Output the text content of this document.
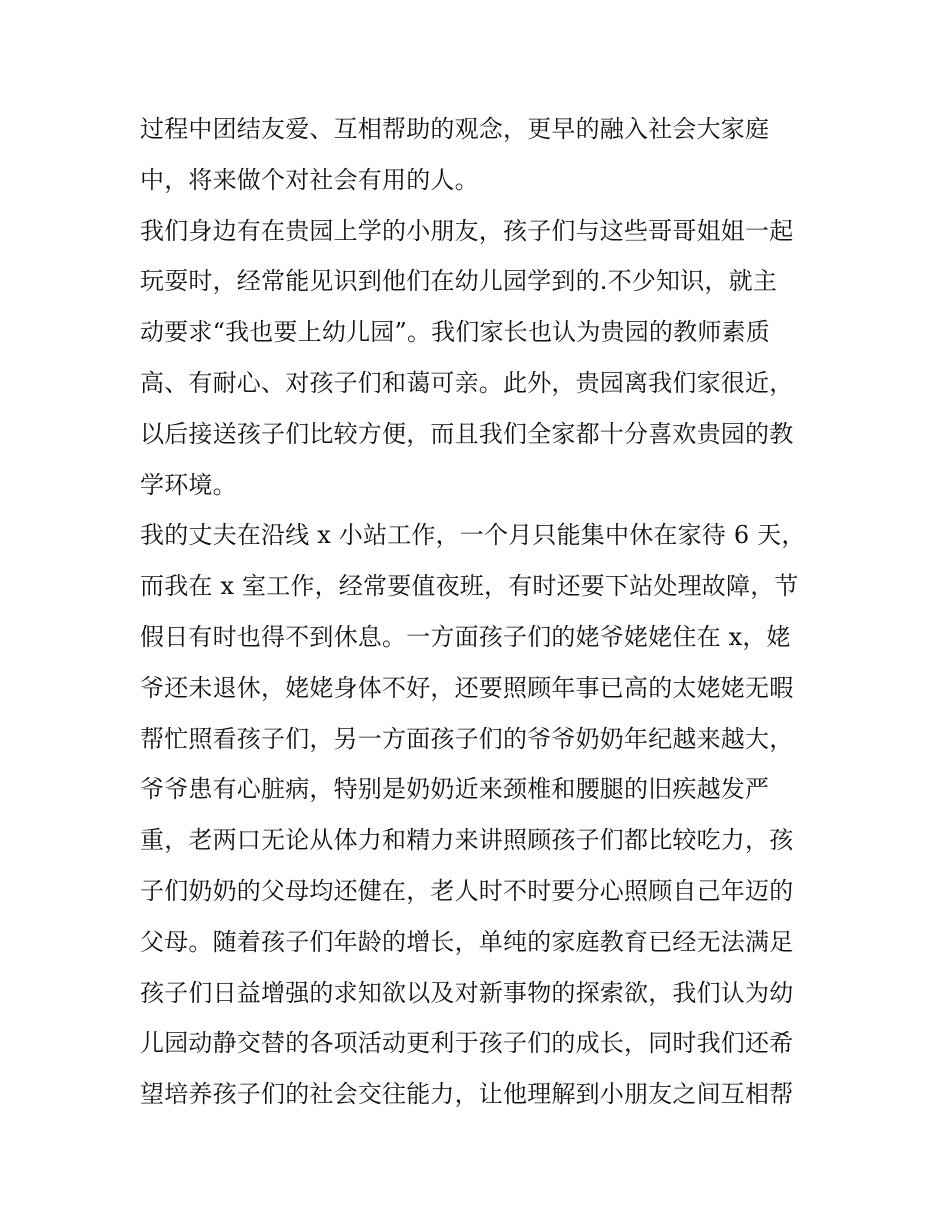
过程中团结友爱、互相帮助的观念，更早的融入社会大家庭
中，将来做个对社会有用的人。
我们身边有在贵园上学的小朋友，孩子们与这些哥哥姐姐一起
玩耍时，经常能见识到他们在幼儿园学到的.不少知识，就主
动要求“我也要上幼儿园”。我们家长也认为贵园的教师素质
高、有耐心、对孩子们和蔼可亲。此外，贵园离我们家很近，
以后接送孩子们比较方便，而且我们全家都十分喜欢贵园的教
学环境。
我的丈夫在沿线 x 小站工作，一个月只能集中休在家待 6 天，
而我在 x 室工作，经常要值夜班，有时还要下站处理故障，节
假日有时也得不到休息。一方面孩子们的姥爷姥姥住在 x，姥
爷还未退休，姥姥身体不好，还要照顾年事已高的太姥姥无暇
帮忙照看孩子们，另一方面孩子们的爷爷奶奶年纪越来越大，
爷爷患有心脏病，特别是奶奶近来颈椎和腰腿的旧疾越发严
重，老两口无论从体力和精力来讲照顾孩子们都比较吃力，孩
子们奶奶的父母均还健在，老人时不时要分心照顾自己年迈的
父母。随着孩子们年龄的增长，单纯的家庭教育已经无法满足
孩子们日益增强的求知欲以及对新事物的探索欲，我们认为幼
儿园动静交替的各项活动更利于孩子们的成长，同时我们还希
望培养孩子们的社会交往能力，让他理解到小朋友之间互相帮
